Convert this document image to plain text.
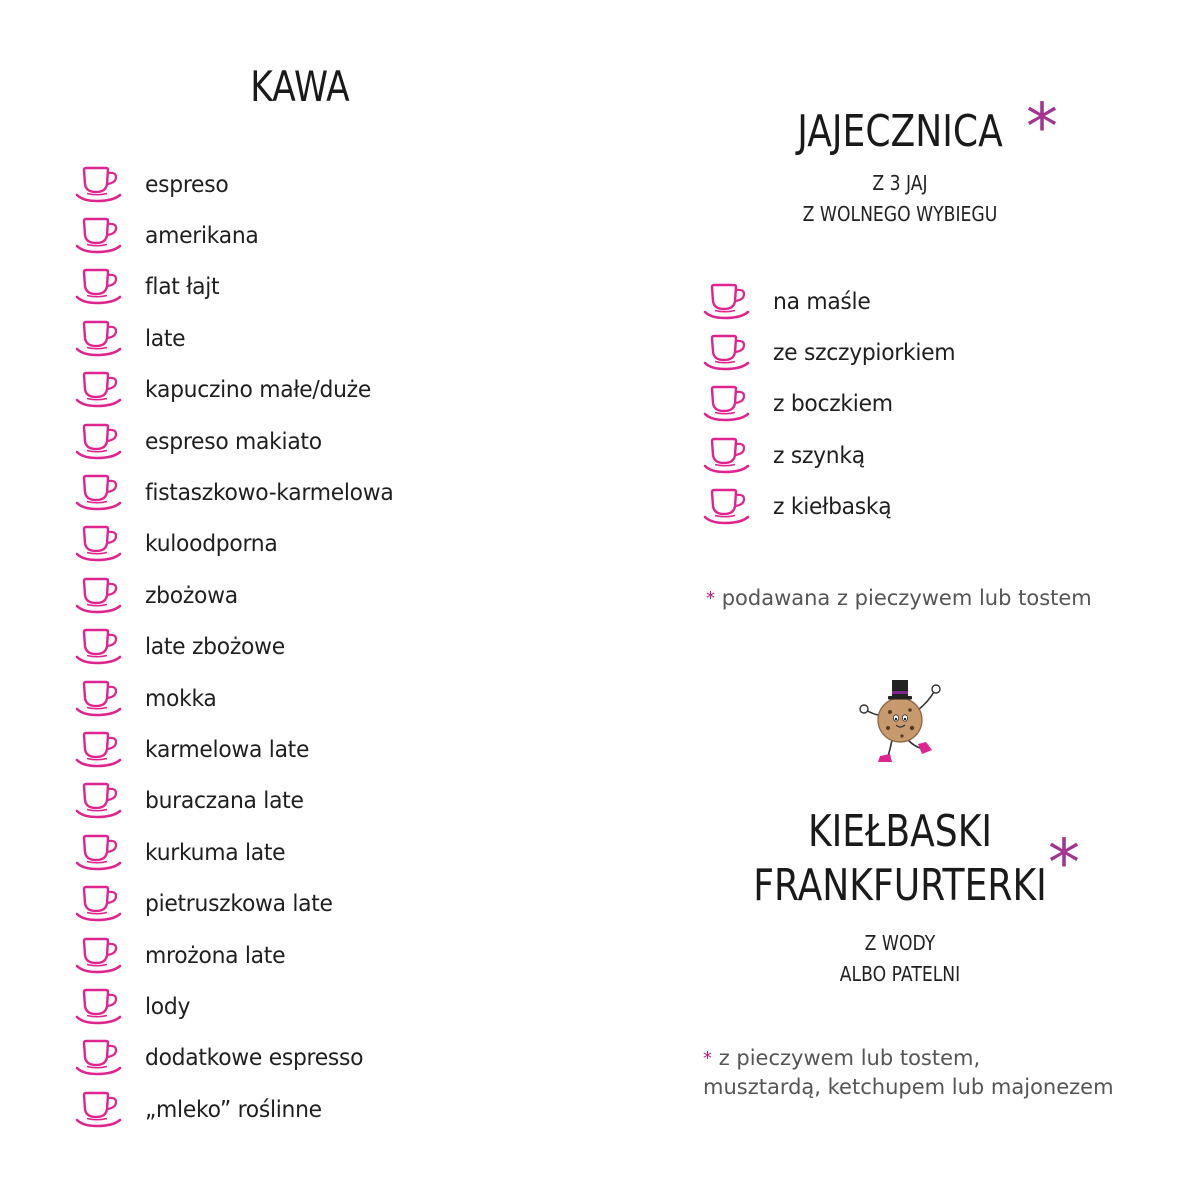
KAWA
espreso
amerikana
flat łajt
late
kapuczino małe/duże
espreso makiato
fistaszkowo-karmelowa
kuloodporna
zbożowa
late zbożowe
mokka
karmelowa late
buraczana late
kurkuma late
pietruszkowa late
mrożona late
lody
dodatkowe espresso
„mleko” roślinne
JAJECZNICA *
Z 3 JAJ
Z WOLNEGO WYBIEGU
na maśle
ze szczypiorkiem
z boczkiem
z szynką
z kiełbaską
* podawana z pieczywem lub tostem
KIEŁBASKI
FRANKFURTERKI *
Z WODY
ALBO PATELNI
* z pieczywem lub tostem,
musztardą, ketchupem lub majonezem
